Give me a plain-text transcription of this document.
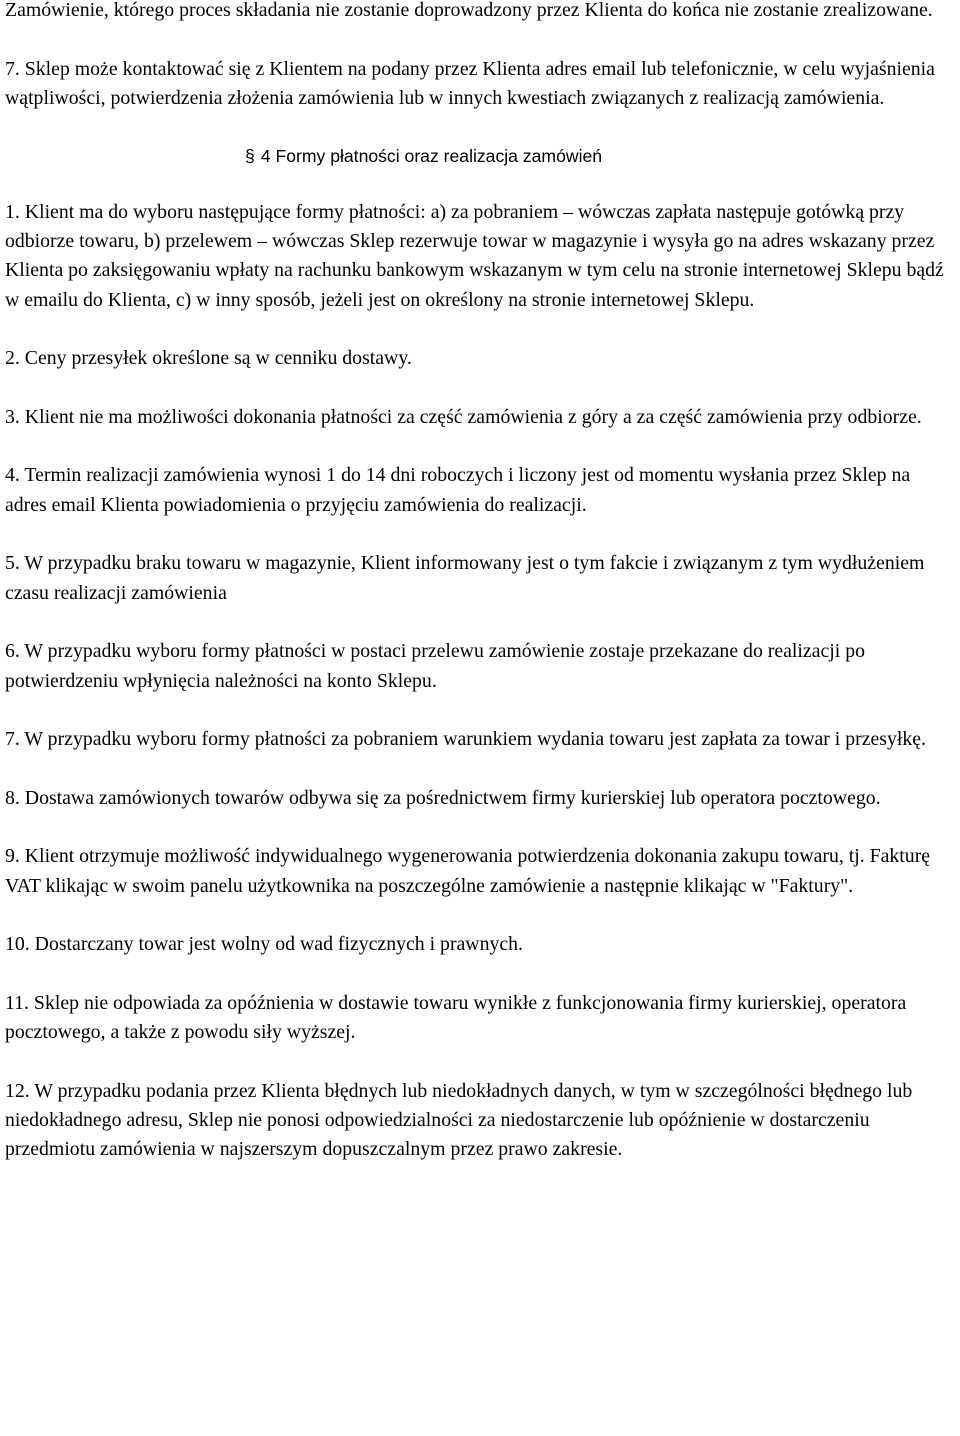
Zamówienie, którego proces składania nie zostanie doprowadzony przez Klienta do końca nie zostanie zrealizowane.

7. Sklep może kontaktować się z Klientem na podany przez Klienta adres email lub telefonicznie, w celu wyjaśnienia wątpliwości, potwierdzenia złożenia zamówienia lub w innych kwestiach związanych z realizacją zamówienia.

§ 4 Formy płatności oraz realizacja zamówień

1. Klient ma do wyboru następujące formy płatności: a) za pobraniem – wówczas zapłata następuje gotówką przy odbiorze towaru, b) przelewem – wówczas Sklep rezerwuje towar w magazynie i wysyła go na adres wskazany przez Klienta po zaksięgowaniu wpłaty na rachunku bankowym wskazanym w tym celu na stronie internetowej Sklepu bądź w emailu do Klienta, c) w inny sposób, jeżeli jest on określony na stronie internetowej Sklepu.

2. Ceny przesyłek określone są w cenniku dostawy.

3. Klient nie ma możliwości dokonania płatności za część zamówienia z góry a za część zamówienia przy odbiorze.

4. Termin realizacji zamówienia wynosi 1 do 14 dni roboczych i liczony jest od momentu wysłania przez Sklep na adres email Klienta powiadomienia o przyjęciu zamówienia do realizacji.

5. W przypadku braku towaru w magazynie, Klient informowany jest o tym fakcie i związanym z tym wydłużeniem czasu realizacji zamówienia

6. W przypadku wyboru formy płatności w postaci przelewu zamówienie zostaje przekazane do realizacji po potwierdzeniu wpłynięcia należności na konto Sklepu.

7. W przypadku wyboru formy płatności za pobraniem warunkiem wydania towaru jest zapłata za towar i przesyłkę.

8. Dostawa zamówionych towarów odbywa się za pośrednictwem firmy kurierskiej lub operatora pocztowego.

9. Klient otrzymuje możliwość indywidualnego wygenerowania potwierdzenia dokonania zakupu towaru, tj. Fakturę VAT klikając w swoim panelu użytkownika na poszczególne zamówienie a następnie klikając w "Faktury".

10. Dostarczany towar jest wolny od wad fizycznych i prawnych.

11. Sklep nie odpowiada za opóźnienia w dostawie towaru wynikłe z funkcjonowania firmy kurierskiej, operatora pocztowego, a także z powodu siły wyższej.

12. W przypadku podania przez Klienta błędnych lub niedokładnych danych, w tym w szczególności błędnego lub niedokładnego adresu, Sklep nie ponosi odpowiedzialności za niedostarczenie lub opóźnienie w dostarczeniu przedmiotu zamówienia w najszerszym dopuszczalnym przez prawo zakresie.
